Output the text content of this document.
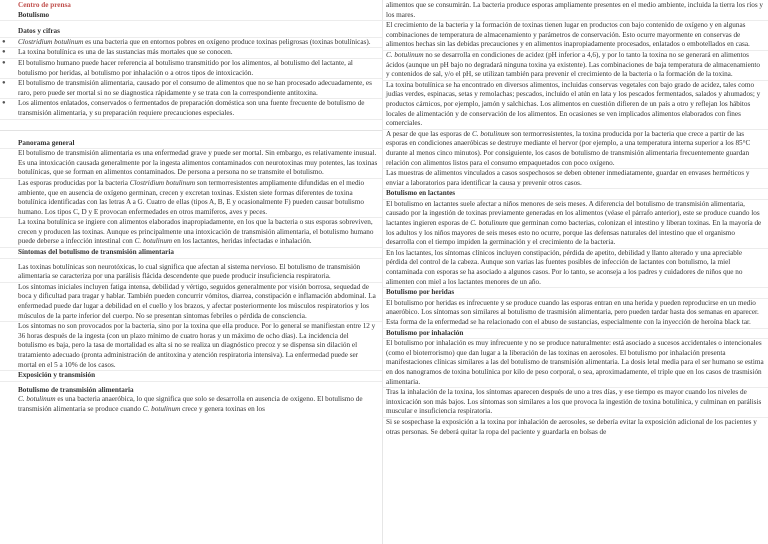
Centro de prensa

Botulismo

Datos y cifras

● Clostridium botulinum es una bacteria que en entornos pobres en oxígeno produce toxinas peligrosas (toxinas botulínicas).
● La toxina botulínica es una de las sustancias más mortales que se conocen.
● El botulismo humano puede hacer referencia al botulismo transmitido por los alimentos, al botulismo del lactante, al botulismo por heridas, al botulismo por inhalación o a otros tipos de intoxicación.
● El botulismo de transmisión alimentaria, causado por el consumo de alimentos que no se han procesado adecuadamente, es raro, pero puede ser mortal si no se diagnostica rápidamente y se trata con la correspondiente antitoxina.
● Los alimentos enlatados, conservados o fermentados de preparación doméstica son una fuente frecuente de botulismo de transmisión alimentaria, y su preparación requiere precauciones especiales.

Panorama general

El botulismo de transmisión alimentaria es una enfermedad grave y puede ser mortal. Sin embargo, es relativamente inusual. Es una intoxicación causada generalmente por la ingesta alimentos contaminados con neurotoxinas muy potentes, las toxinas botulínicas, que se forman en alimentos contaminados. De persona a persona no se transmite el botulismo.

Las esporas producidas por la bacteria Clostridium botulinum son termorresistentes ampliamente difundidas en el medio ambiente, que en ausencia de oxígeno germinan, crecen y excretan toxinas. Existen siete formas diferentes de toxina botulínica identificadas con las letras A a G. Cuatro de ellas (tipos A, B, E y ocasionalmente F) pueden causar botulismo humano. Los tipos C, D y E provocan enfermedades en otros mamíferos, aves y peces.

La toxina botulínica se ingiere con alimentos elaborados inapropiadamente, en los que la bacteria o sus esporas sobreviven, crecen y producen las toxinas. Aunque es principalmente una intoxicación de transmisión alimentaria, el botulismo humano puede deberse a infección intestinal con C. botulinum en los lactantes, heridas infectadas e inhalación.

Síntomas del botulismo de transmisión alimentaria

Las toxinas botulínicas son neurotóxicas, lo cual significa que afectan al sistema nervioso. El botulismo de transmisión alimentaria se caracteriza por una parálisis flácida descendente que puede producir insuficiencia respiratoria.

Los síntomas iniciales incluyen fatiga intensa, debilidad y vértigo, seguidos generalmente por visión borrosa, sequedad de boca y dificultad para tragar y hablar. También pueden concurrir vómitos, diarrea, constipación e inflamación abdominal. La enfermedad puede dar lugar a debilidad en el cuello y los brazos, y afectar posteriormente los músculos respiratorios y los músculos de la parte inferior del cuerpo. No se presentan síntomas febriles o pérdida de consciencia.

Los síntomas no son provocados por la bacteria, sino por la toxina que ella produce. Por lo general se manifiestan entre 12 y 36 horas después de la ingesta (con un plazo mínimo de cuatro horas y un máximo de ocho días). La incidencia del botulismo es baja, pero la tasa de mortalidad es alta si no se realiza un diagnóstico precoz y se dispensa sin dilación el tratamiento adecuado (pronta administración de antitoxina y atención respiratoria intensiva). La enfermedad puede ser mortal en el 5 a 10% de los casos.

Exposición y transmisión

Botulismo de transmisión alimentaria

C. botulinum es una bacteria anaeróbica, lo que significa que solo se desarrolla en ausencia de oxígeno. El botulismo de transmisión alimentaria se produce cuando C. botulinum crece y genera toxinas en los

alimentos que se consumirán. La bacteria produce esporas ampliamente presentes en el medio ambiente, incluida la tierra los ríos y los mares.

El crecimiento de la bacteria y la formación de toxinas tienen lugar en productos con bajo contenido de oxígeno y en algunas combinaciones de temperatura de almacenamiento y parámetros de conservación. Esto ocurre mayormente en conservas de alimentos hechas sin las debidas precauciones y en alimentos inapropiadamente procesados, enlatados o embotellados en casa.

C. botulinum no se desarrolla en condiciones de acidez (pH inferior a 4,6), y por lo tanto la toxina no se generará en alimentos ácidos (aunque un pH bajo no degradará ninguna toxina ya existente). Las combinaciones de baja temperatura de almacenamiento y contenidos de sal, y/o el pH, se utilizan también para prevenir el crecimiento de la bacteria o la formación de la toxina.

La toxina botulínica se ha encontrado en diversos alimentos, incluidas conservas vegetales con bajo grado de acidez, tales como judías verdes, espinacas, setas y remolachas; pescados, incluido el atún en lata y los pescados fermentados, salados y ahumados; y productos cárnicos, por ejemplo, jamón y salchichas. Los alimentos en cuestión difieren de un país a otro y reflejan los hábitos locales de alimentación y de conservación de los alimentos. En ocasiones se ven implicados alimentos elaborados con fines comerciales.

A pesar de que las esporas de C. botulinum son termorresistentes, la toxina producida por la bacteria que crece a partir de las esporas en condiciones anaeróbicas se destruye mediante el hervor (por ejemplo, a una temperatura interna superior a los 85°C durante al menos cinco minutos). Por consiguiente, los casos de botulismo de transmisión alimentaria frecuentemente guardan relación con alimentos listos para el consumo empaquetados con poco oxígeno.

Las muestras de alimentos vinculados a casos sospechosos se deben obtener inmediatamente, guardar en envases herméticos y enviar a laboratorios para identificar la causa y prevenir otros casos.

Botulismo en lactantes

El botulismo en lactantes suele afectar a niños menores de seis meses. A diferencia del botulismo de transmisión alimentaria, causado por la ingestión de toxinas previamente generadas en los alimentos (véase el párrafo anterior), este se produce cuando los lactantes ingieren esporas de C. botulinum que germinan como bacterias, colonizan el intestino y liberan toxinas. En la mayoría de los adultos y los niños mayores de seis meses esto no ocurre, porque las defensas naturales del intestino que el organismo desarrolla con el tiempo impiden la germinación y el crecimiento de la bacteria.

En los lactantes, los síntomas clínicos incluyen constipación, pérdida de apetito, debilidad y llanto alterado y una apreciable pérdida del control de la cabeza. Aunque son varias las fuentes posibles de infección de lactantes con botulismo, la miel contaminada con esporas se ha asociado a algunos casos. Por lo tanto, se aconseja a los padres y cuidadores de niños que no alimenten con miel a los lactantes menores de un año.

Botulismo por heridas

El botulismo por heridas es infrecuente y se produce cuando las esporas entran en una herida y pueden reproducirse en un medio anaeróbico. Los síntomas son similares al botulismo de trasmisión alimentaria, pero pueden tardar hasta dos semanas en aparecer. Esta forma de la enfermedad se ha relacionado con el abuso de sustancias, especialmente con la inyección de heroína black tar.

Botulismo por inhalación

El botulismo por inhalación es muy infrecuente y no se produce naturalmente: está asociado a sucesos accidentales o intencionales (como el bioterrorismo) que dan lugar a la liberación de las toxinas en aerosoles. El botulismo por inhalación presenta manifestaciones clínicas similares a las del botulismo de transmisión alimentaria. La dosis letal media para el ser humano se estima en dos nanogramos de toxina botulínica por kilo de peso corporal, o sea, aproximadamente, el triple que en los casos de trasmisión alimentaria.

Tras la inhalación de la toxina, los síntomas aparecen después de uno a tres días, y ese tiempo es mayor cuando los niveles de intoxicación son más bajos. Los síntomas son similares a los que provoca la ingestión de toxina botulínica, y culminan en parálisis muscular e insuficiencia respiratoria.

Si se sospechase la exposición a la toxina por inhalación de aerosoles, se debería evitar la exposición adicional de los pacientes y otras personas. Se deberá quitar la ropa del paciente y guardarla en bolsas de
